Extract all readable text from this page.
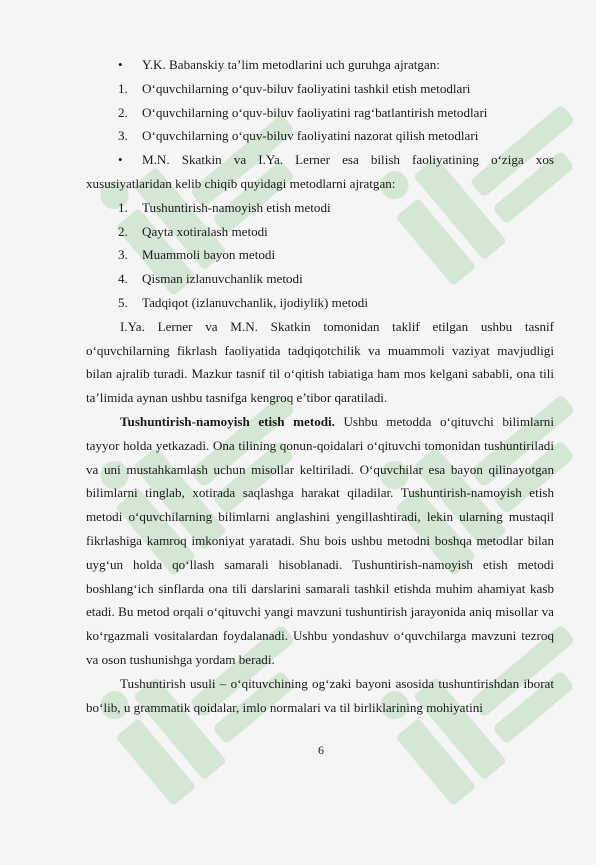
• Y.K. Babanskiy ta’lim metodlarini uch guruhga ajratgan:
1. O‘quvchilarning o‘quv-biluv faoliyatini tashkil etish metodlari
2. O‘quvchilarning o‘quv-biluv faoliyatini rag‘batlantirish metodlari
3. O‘quvchilarning o‘quv-biluv faoliyatini nazorat qilish metodlari
• M.N. Skatkin va I.Ya. Lerner esa bilish faoliyatining o‘ziga xos
xususiyatlaridan kelib chiqib quyidagi metodlarni ajratgan:
1. Tushuntirish-namoyish etish metodi
2. Qayta xotiralash metodi
3. Muammoli bayon metodi
4. Qisman izlanuvchanlik metodi
5. Tadqiqot (izlanuvchanlik, ijodiylik) metodi

I.Ya. Lerner va M.N. Skatkin tomonidan taklif etilgan ushbu tasnif o‘quvchilarning fikrlash faoliyatida tadqiqotchilik va muammoli vaziyat mavjudligi bilan ajralib turadi. Mazkur tasnif til o‘qitish tabiatiga ham mos kelgani sababli, ona tili ta’limida aynan ushbu tasnifga kengroq e’tibor qaratiladi.

Tushuntirish-namoyish etish metodi. Ushbu metodda o‘qituvchi bilimlarni tayyor holda yetkazadi. Ona tilining qonun-qoidalari o‘qituvchi tomonidan tushuntiriladi va uni mustahkamlash uchun misollar keltiriladi. O‘quvchilar esa bayon qilinayotgan bilimlarni tinglab, xotirada saqlashga harakat qiladilar. Tushuntirish-namoyish etish metodi o‘quvchilarning bilimlarni anglashini yengillashtiradi, lekin ularning mustaqil fikrlashiga kamroq imkoniyat yaratadi. Shu bois ushbu metodni boshqa metodlar bilan uyg‘un holda qo‘llash samarali hisoblanadi. Tushuntirish-namoyish etish metodi boshlang‘ich sinflarda ona tili darslarini samarali tashkil etishda muhim ahamiyat kasb etadi. Bu metod orqali o‘qituvchi yangi mavzuni tushuntirish jarayonida aniq misollar va ko‘rgazmali vositalardan foydalanadi. Ushbu yondashuv o‘quvchilarga mavzuni tezroq va oson tushunishga yordam beradi.

Tushuntirish usuli – o‘qituvchining og‘zaki bayoni asosida tushuntirishdan iborat bo‘lib, u grammatik qoidalar, imlo normalari va til birliklarining mohiyatini

6
